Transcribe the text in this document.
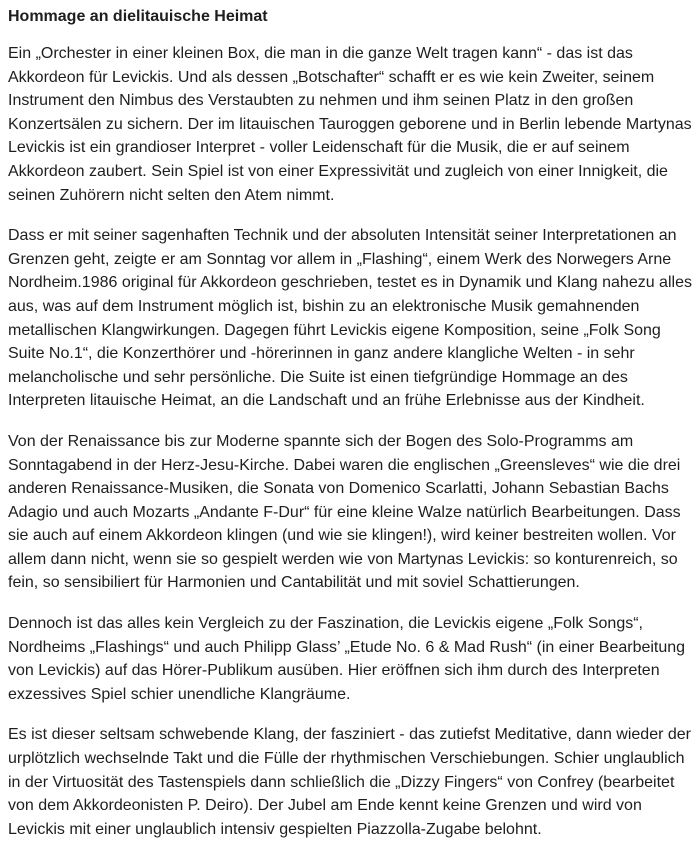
Hommage an dielitauische Heimat

Ein „Orchester in einer kleinen Box, die man in die ganze Welt tragen kann“ - das ist das Akkordeon für Levickis. Und als dessen „Botschafter“ schafft er es wie kein Zweiter, seinem Instrument den Nimbus des Verstaubten zu nehmen und ihm seinen Platz in den großen Konzertsälen zu sichern. Der im litauischen Tauroggen geborene und in Berlin lebende Martynas Levickis ist ein grandioser Interpret - voller Leidenschaft für die Musik, die er auf seinem Akkordeon zaubert. Sein Spiel ist von einer Expressivität und zugleich von einer Innigkeit, die seinen Zuhörern nicht selten den Atem nimmt.

Dass er mit seiner sagenhaften Technik und der absoluten Intensität seiner Interpretationen an Grenzen geht, zeigte er am Sonntag vor allem in „Flashing“, einem Werk des Norwegers Arne Nordheim.1986 original für Akkordeon geschrieben, testet es in Dynamik und Klang nahezu alles aus, was auf dem Instrument möglich ist, bishin zu an elektronische Musik gemahnenden metallischen Klangwirkungen. Dagegen führt Levickis eigene Komposition, seine „Folk Song Suite No.1“, die Konzerthörer und -hörerinnen in ganz andere klangliche Welten - in sehr melancholische und sehr persönliche. Die Suite ist einen tiefgründige Hommage an des Interpreten litauische Heimat, an die Landschaft und an frühe Erlebnisse aus der Kindheit.

Von der Renaissance bis zur Moderne spannte sich der Bogen des Solo-Programms am Sonntagabend in der Herz-Jesu-Kirche. Dabei waren die englischen „Greensleves“ wie die drei anderen Renaissance-Musiken, die Sonata von Domenico Scarlatti, Johann Sebastian Bachs Adagio und auch Mozarts „Andante F-Dur“ für eine kleine Walze natürlich Bearbeitungen. Dass sie auch auf einem Akkordeon klingen (und wie sie klingen!), wird keiner bestreiten wollen. Vor allem dann nicht, wenn sie so gespielt werden wie von Martynas Levickis: so konturenreich, so fein, so sensibiliert für Harmonien und Cantabilität und mit soviel Schattierungen.

Dennoch ist das alles kein Vergleich zu der Faszination, die Levickis eigene „Folk Songs“, Nordheims „Flashings“ und auch Philipp Glass’ „Etude No. 6 & Mad Rush“ (in einer Bearbeitung von Levickis) auf das Hörer-Publikum ausüben. Hier eröffnen sich ihm durch des Interpreten exzessives Spiel schier unendliche Klangräume.

Es ist dieser seltsam schwebende Klang, der fasziniert - das zutiefst Meditative, dann wieder der urplötzlich wechselnde Takt und die Fülle der rhythmischen Verschiebungen. Schier unglaublich in der Virtuosität des Tastenspiels dann schließlich die „Dizzy Fingers“ von Confrey (bearbeitet von dem Akkordeonisten P. Deiro). Der Jubel am Ende kennt keine Grenzen und wird von Levickis mit einer unglaublich intensiv gespielten Piazzolla-Zugabe belohnt.
